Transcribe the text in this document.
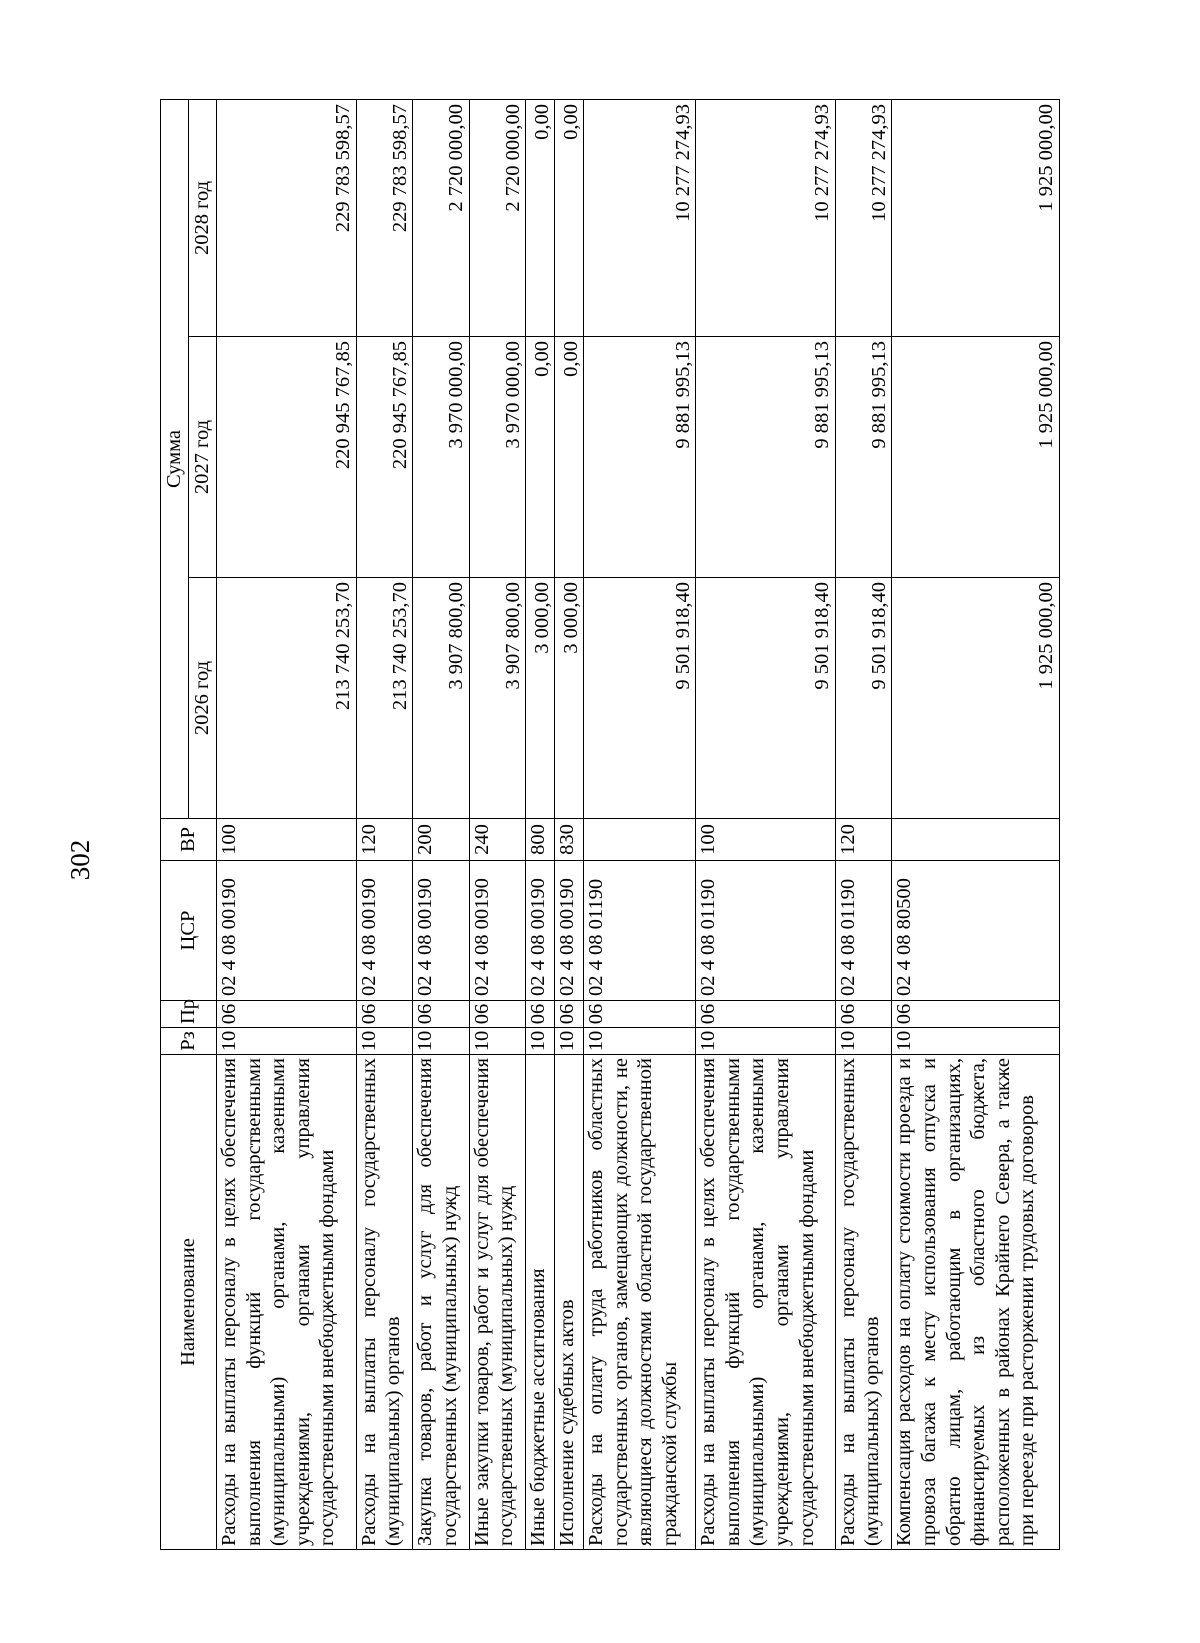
302
Наименование	Рз	Пр	ЦСР	ВР	Сумма		
					2026 год	2027 год	2028 год
Расходы на выплаты персоналу в целях обеспечения выполнения функций государственными (муниципальными) органами, казенными учреждениями, органами управления государственными внебюджетными фондами	10	06	02 4 08 00190	100	213 740 253,70	220 945 767,85	229 783 598,57
Расходы на выплаты персоналу государственных (муниципальных) органов	10	06	02 4 08 00190	120	213 740 253,70	220 945 767,85	229 783 598,57
Закупка товаров, работ и услуг для обеспечения государственных (муниципальных) нужд	10	06	02 4 08 00190	200	3 907 800,00	3 970 000,00	2 720 000,00
Иные закупки товаров, работ и услуг для обеспечения государственных (муниципальных) нужд	10	06	02 4 08 00190	240	3 907 800,00	3 970 000,00	2 720 000,00
Иные бюджетные ассигнования	10	06	02 4 08 00190	800	3 000,00	0,00	0,00
Исполнение судебных актов	10	06	02 4 08 00190	830	3 000,00	0,00	0,00
Расходы на оплату труда работников областных государственных органов, замещающих должности, не являющиеся должностями областной государственной гражданской службы	10	06	02 4 08 01190		9 501 918,40	9 881 995,13	10 277 274,93
Расходы на выплаты персоналу в целях обеспечения выполнения функций государственными (муниципальными) органами, казенными учреждениями, органами управления государственными внебюджетными фондами	10	06	02 4 08 01190	100	9 501 918,40	9 881 995,13	10 277 274,93
Расходы на выплаты персоналу государственных (муниципальных) органов	10	06	02 4 08 01190	120	9 501 918,40	9 881 995,13	10 277 274,93
Компенсация расходов на оплату стоимости проезда и провоза багажа к месту использования отпуска и обратно лицам, работающим в организациях, финансируемых из областного бюджета, расположенных в районах Крайнего Севера, а также при переезде при расторжении трудовых договоров	10	06	02 4 08 80500		1 925 000,00	1 925 000,00	1 925 000,00
